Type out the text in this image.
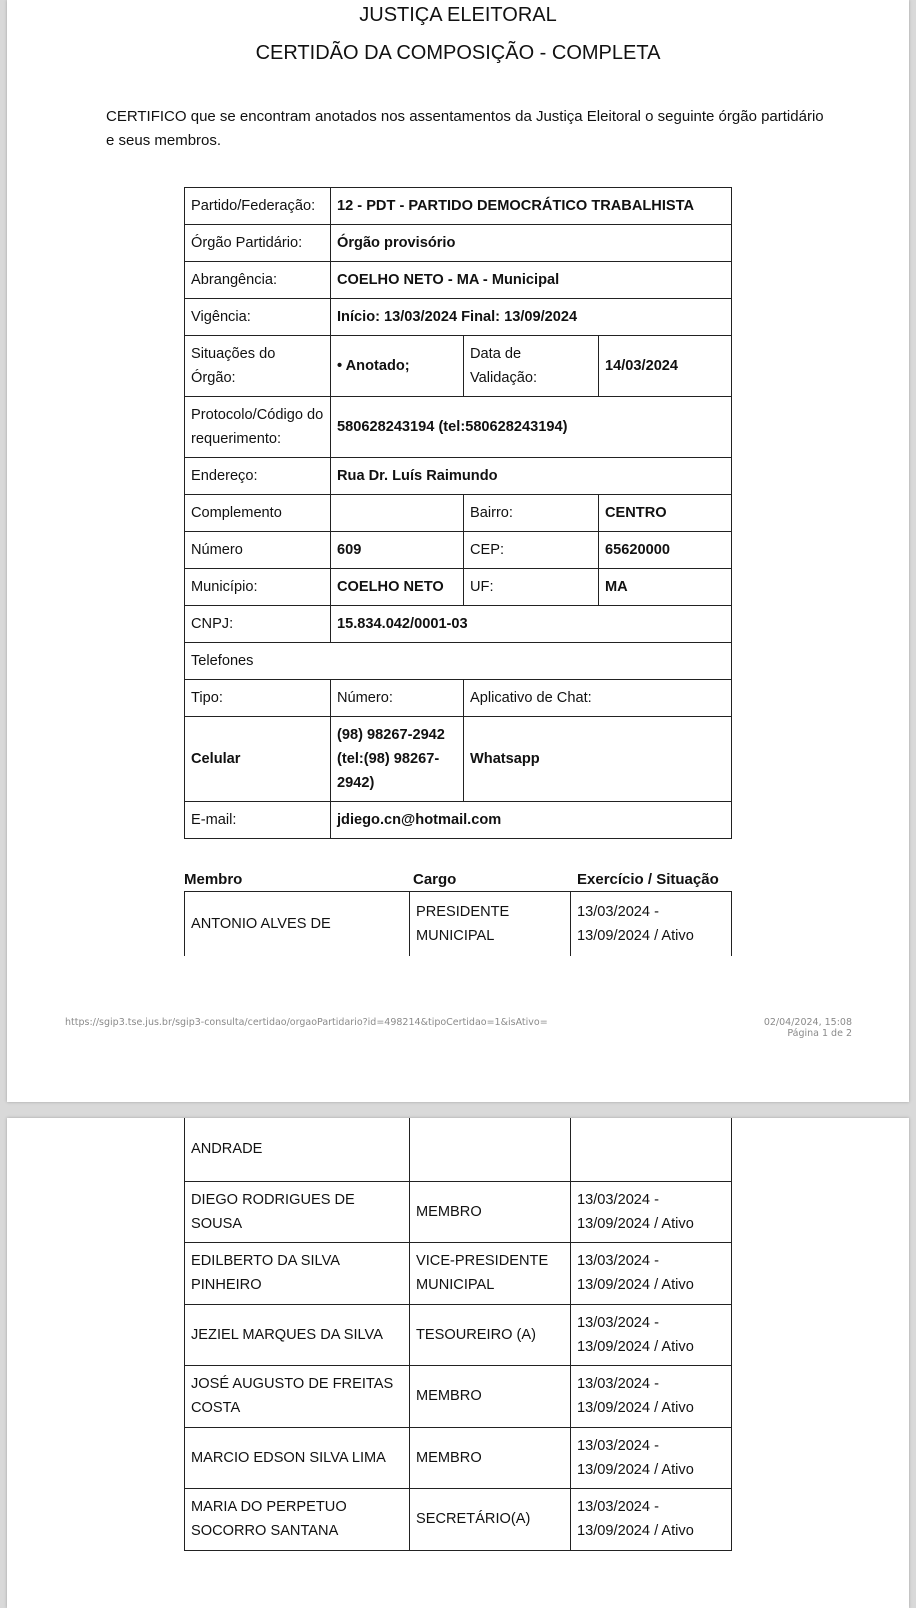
JUSTIÇA ELEITORAL
CERTIDÃO DA COMPOSIÇÃO - COMPLETA
CERTIFICO que se encontram anotados nos assentamentos da Justiça Eleitoral o seguinte órgão partidário e seus membros.
Partido/Federação:	12 - PDT - PARTIDO DEMOCRÁTICO TRABALHISTA		
Órgão Partidário:	Órgão provisório		
Abrangência:	COELHO NETO - MA - Municipal		
Vigência:	Início: 13/03/2024 Final: 13/09/2024		
Situações do Órgão:	• Anotado;	Data de Validação:	14/03/2024
Protocolo/Código do requerimento:	580628243194 (tel:580628243194)		
Endereço:	Rua Dr. Luís Raimundo		
Complemento		Bairro:	CENTRO
Número	609	CEP:	65620000
Município:	COELHO NETO	UF:	MA
CNPJ:	15.834.042/0001-03		
Telefones			
Tipo:	Número:	Aplicativo de Chat:	
Celular	(98) 98267-2942 (tel:(98) 98267-2942)	Whatsapp	
E-mail:	jdiego.cn@hotmail.com		
Membro	Cargo	Exercício / Situação
ANTONIO ALVES DE	PRESIDENTE MUNICIPAL	13/03/2024 - 13/09/2024 / Ativo
https://sgip3.tse.jus.br/sgip3-consulta/certidao/orgaoPartidario?id=498214&tipoCertidao=1&isAtivo=	02/04/2024, 15:08
Página 1 de 2
ANDRADE		
DIEGO RODRIGUES DE SOUSA	MEMBRO	13/03/2024 - 13/09/2024 / Ativo
EDILBERTO DA SILVA PINHEIRO	VICE-PRESIDENTE MUNICIPAL	13/03/2024 - 13/09/2024 / Ativo
JEZIEL MARQUES DA SILVA	TESOUREIRO (A)	13/03/2024 - 13/09/2024 / Ativo
JOSÉ AUGUSTO DE FREITAS COSTA	MEMBRO	13/03/2024 - 13/09/2024 / Ativo
MARCIO EDSON SILVA LIMA	MEMBRO	13/03/2024 - 13/09/2024 / Ativo
MARIA DO PERPETUO SOCORRO SANTANA	SECRETÁRIO(A)	13/03/2024 - 13/09/2024 / Ativo
